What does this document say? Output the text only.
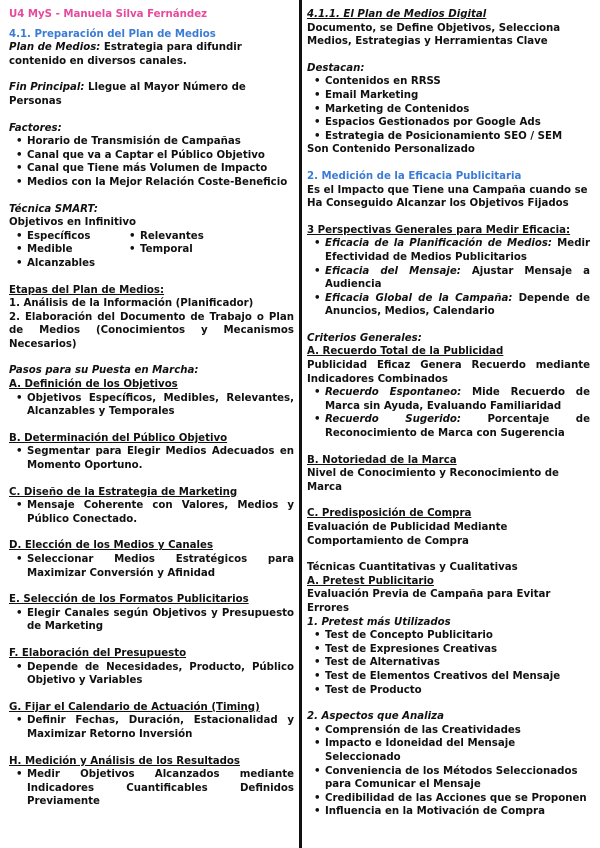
U4 MyS - Manuela Silva Fernández

4.1. Preparación del Plan de Medios

Plan de Medios: Estrategia para difundir contenido en diversos canales.

Fin Principal: Llegue al Mayor Número de Personas

Factores:

• Horario de Transmisión de Campañas
• Canal que va a Captar el Público Objetivo
• Canal que Tiene más Volumen de Impacto
• Medios con la Mejor Relación Coste-Beneficio

Técnica SMART:

Objetivos en Infinitivo

• Específicos
• Medible
• Alcanzables
• Relevantes
• Temporal

Etapas del Plan de Medios:

1. Análisis de la Información (Planificador)

2. Elaboración del Documento de Trabajo o Plan de Medios (Conocimientos y Mecanismos Necesarios)

Pasos para su Puesta en Marcha:

A. Definición de los Objetivos

• Objetivos Específicos, Medibles, Relevantes, Alcanzables y Temporales

B. Determinación del Público Objetivo

• Segmentar para Elegir Medios Adecuados en Momento Oportuno.

C. Diseño de la Estrategia de Marketing

• Mensaje Coherente con Valores, Medios y Público Conectado.

D. Elección de los Medios y Canales

• Seleccionar Medios Estratégicos para Maximizar Conversión y Afinidad

E. Selección de los Formatos Publicitarios

• Elegir Canales según Objetivos y Presupuesto de Marketing

F. Elaboración del Presupuesto

• Depende de Necesidades, Producto, Público Objetivo y Variables

G. Fijar el Calendario de Actuación (Timing)

• Definir Fechas, Duración, Estacionalidad y Maximizar Retorno Inversión

H. Medición y Análisis de los Resultados

• Medir Objetivos Alcanzados mediante Indicadores Cuantificables Definidos Previamente

4.1.1. El Plan de Medios Digital

Documento, se Define Objetivos, Selecciona Medios, Estrategias y Herramientas Clave

Destacan:

• Contenidos en RRSS
• Email Marketing
• Marketing de Contenidos
• Espacios Gestionados por Google Ads
• Estrategia de Posicionamiento SEO / SEM

Son Contenido Personalizado

2. Medición de la Eficacia Publicitaria

Es el Impacto que Tiene una Campaña cuando se Ha Conseguido Alcanzar los Objetivos Fijados

3 Perspectivas Generales para Medir Eficacia:

• Eficacia de la Planificación de Medios: Medir Efectividad de Medios Publicitarios
• Eficacia del Mensaje: Ajustar Mensaje a Audiencia
• Eficacia Global de la Campaña: Depende de Anuncios, Medios, Calendario

Criterios Generales:

A. Recuerdo Total de la Publicidad

Publicidad Eficaz Genera Recuerdo mediante Indicadores Combinados

• Recuerdo Espontaneo: Mide Recuerdo de Marca sin Ayuda, Evaluando Familiaridad
• Recuerdo Sugerido: Porcentaje de Reconocimiento de Marca con Sugerencia

B. Notoriedad de la Marca

Nivel de Conocimiento y Reconocimiento de Marca

C. Predisposición de Compra

Evaluación de Publicidad Mediante Comportamiento de Compra

Técnicas Cuantitativas y Cualitativas

A. Pretest Publicitario

Evaluación Previa de Campaña para Evitar Errores

1. Pretest más Utilizados

• Test de Concepto Publicitario
• Test de Expresiones Creativas
• Test de Alternativas
• Test de Elementos Creativos del Mensaje
• Test de Producto

2. Aspectos que Analiza

• Comprensión de las Creatividades
• Impacto e Idoneidad del Mensaje Seleccionado
• Conveniencia de los Métodos Seleccionados para Comunicar el Mensaje
• Credibilidad de las Acciones que se Proponen
• Influencia en la Motivación de Compra
